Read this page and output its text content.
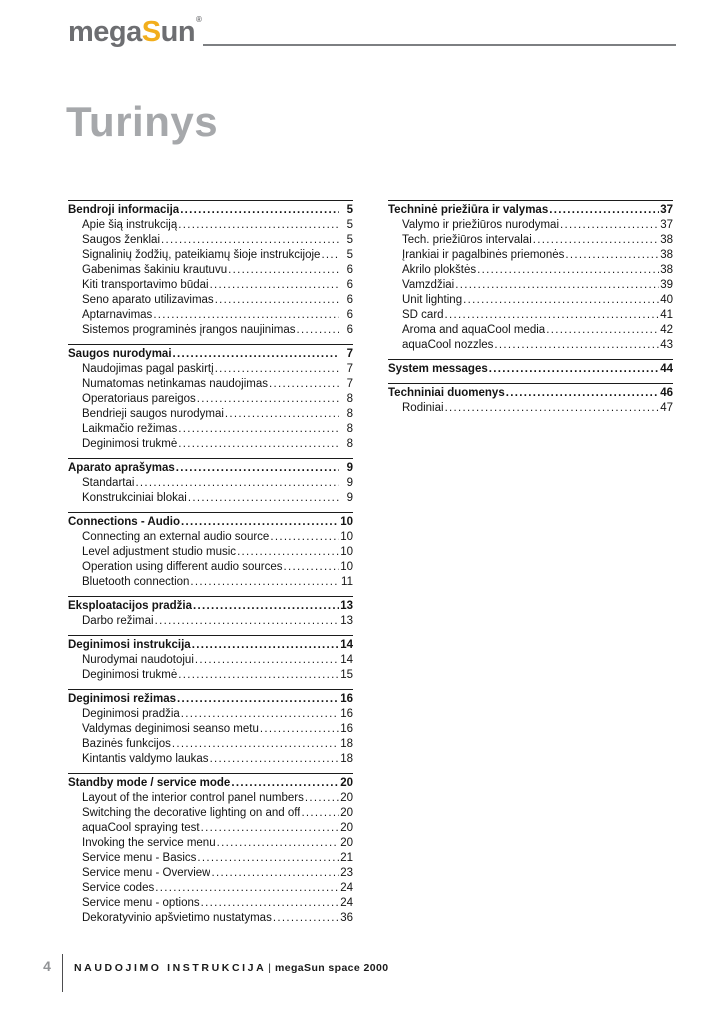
megaSun®
Turinys
Bendroji informacija .....	5
Apie šią instrukciją .....	5
Saugos ženklai .....	5
Signalinių žodžių, pateikiamų šioje instrukcijoje .....	5
Gabenimas šakiniu krautuvu .....	6
Kiti transportavimo būdai .....	6
Seno aparato utilizavimas .....	6
Aptarnavimas .....	6
Sistemos programinės įrangos naujinimas .....	6
Saugos nurodymai .....	7
Naudojimas pagal paskirtį .....	7
Numatomas netinkamas naudojimas .....	7
Operatoriaus pareigos .....	8
Bendrieji saugos nurodymai .....	8
Laikmačio režimas .....	8
Deginimosi trukmė .....	8
Aparato aprašymas .....	9
Standartai .....	9
Konstrukciniai blokai .....	9
Connections - Audio .....	10
Connecting an external audio source .....	10
Level adjustment studio music .....	10
Operation using different audio sources .....	10
Bluetooth connection .....	11
Eksploatacijos pradžia .....	13
Darbo režimai .....	13
Deginimosi instrukcija .....	14
Nurodymai naudotojui .....	14
Deginimosi trukmė .....	15
Deginimosi režimas .....	16
Deginimosi pradžia .....	16
Valdymas deginimosi seanso metu .....	16
Bazinės funkcijos .....	18
Kintantis valdymo laukas .....	18
Standby mode / service mode .....	20
Layout of the interior control panel numbers .....	20
Switching the decorative lighting on and off .....	20
aquaCool spraying test .....	20
Invoking the service menu .....	20
Service menu - Basics .....	21
Service menu - Overview .....	23
Service codes .....	24
Service menu - options .....	24
Dekoratyvinio apšvietimo nustatymas .....	36
Techninė priežiūra ir valymas .....	37
Valymo ir priežiūros nurodymai .....	37
Tech. priežiūros intervalai .....	38
Įrankiai ir pagalbinės priemonės .....	38
Akrilo plokštės .....	38
Vamzdžiai .....	39
Unit lighting .....	40
SD card .....	41
Aroma and aquaCool media .....	42
aquaCool nozzles .....	43
System messages .....	44
Techniniai duomenys .....	46
Rodiniai .....	47
4	NAUDOJIMO INSTRUKCIJA | megaSun space 2000
